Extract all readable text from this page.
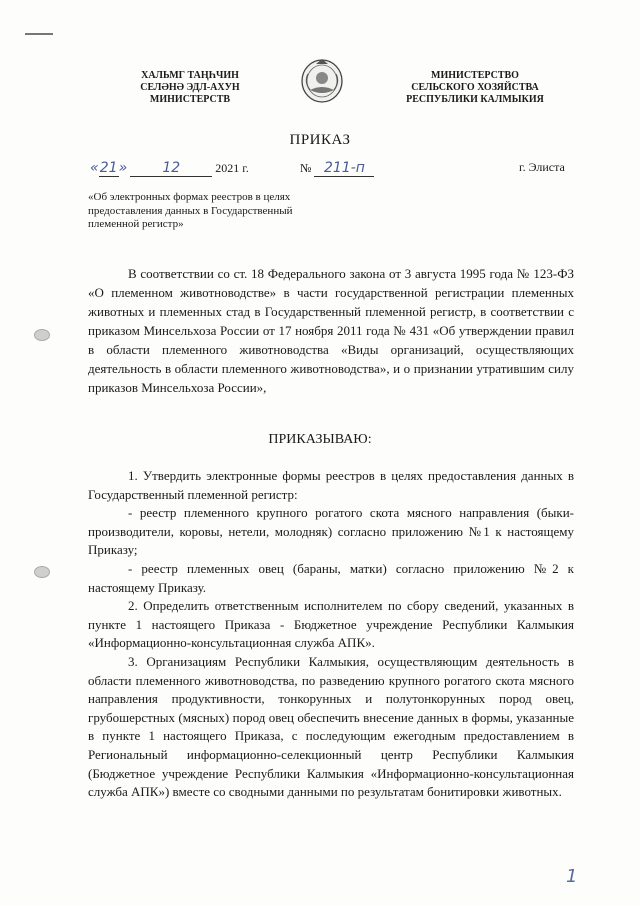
ХАЛЬМГ ТАҢҺЧИН
СЕЛӘНӘ ЭДЛ-АХУН
МИНИСТЕРСТВ
МИНИСТЕРСТВО
СЕЛЬСКОГО ХОЗЯЙСТВА
РЕСПУБЛИКИ КАЛМЫКИЯ
ПРИКАЗ
«21»	12	2021 г.	№ 211-п	г. Элиста
«Об электронных формах реестров в целях предоставления данных в Государственный племенной регистр»
В соответствии со ст. 18 Федерального закона от 3 августа 1995 года № 123-ФЗ «О племенном животноводстве» в части государственной регистрации племенных животных и племенных стад в Государственный племенной регистр, в соответствии с приказом Минсельхоза России от 17 ноября 2011 года № 431 «Об утверждении правил в области племенного животноводства «Виды организаций, осуществляющих деятельность в области племенного животноводства», и о признании утратившим силу приказов Минсельхоза России»,
ПРИКАЗЫВАЮ:

1. Утвердить электронные формы реестров в целях предоставления данных в Государственный племенной регистр:

- реестр племенного крупного рогатого скота мясного направления (быки-производители, коровы, нетели, молодняк) согласно приложению №1 к настоящему Приказу;

- реестр племенных овец (бараны, матки) согласно приложению №2 к настоящему Приказу.

2. Определить ответственным исполнителем по сбору сведений, указанных в пункте 1 настоящего Приказа - Бюджетное учреждение Республики Калмыкия «Информационно-консультационная служба АПК».

3. Организациям Республики Калмыкия, осуществляющим деятельность в области племенного животноводства, по разведению крупного рогатого скота мясного направления продуктивности, тонкорунных и полутонкорунных пород овец, грубошерстных (мясных) пород овец обеспечить внесение данных в формы, указанные в пункте 1 настоящего Приказа, с последующим ежегодным предоставлением в Региональный информационно-селекционный центр Республики Калмыкия (Бюджетное учреждение Республики Калмыкия «Информационно-консультационная служба АПК») вместе со сводными данными по результатам бонитировки животных.

1
